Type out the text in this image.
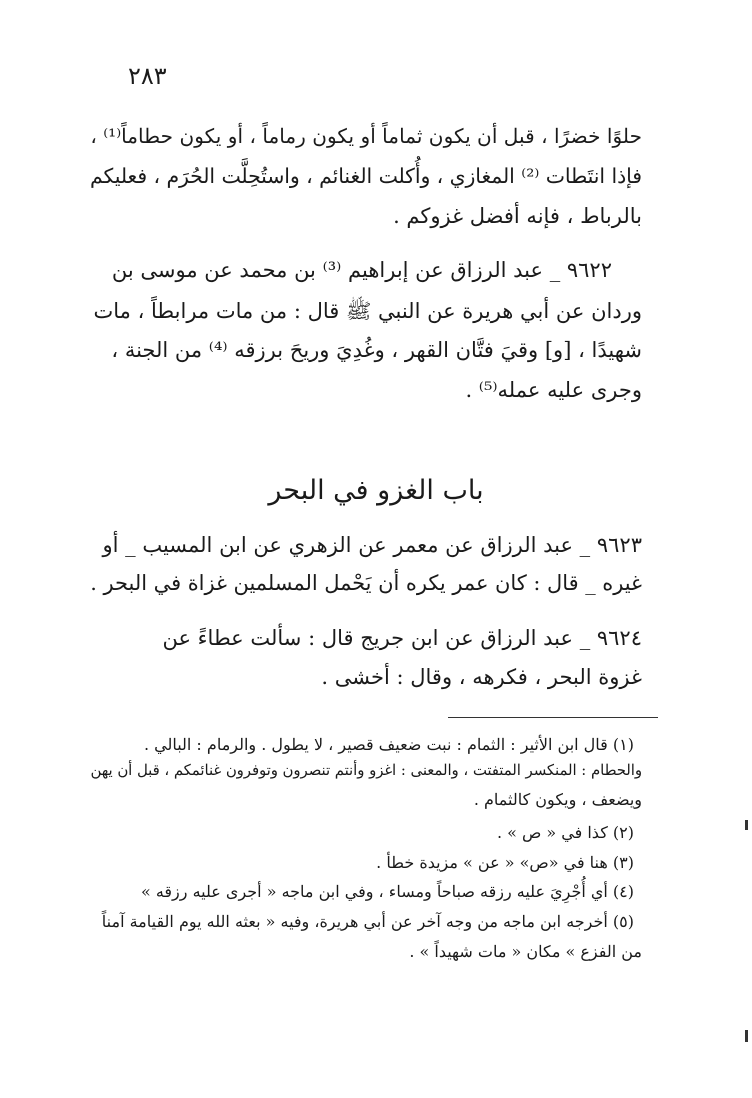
٢٨٣
حلوًا خضرًا ، قبل أن يكون ثماماً أو يكون رماماً ، أو يكون حطاماً⁽¹⁾ ،
فإذا انتَطات ⁽²⁾ المغازي ، وأُكلت الغنائم ، واستُحِلَّت الحُرَم ، فعليكم
بالرباط ، فإنه أفضل غزوكم .
٩٦٢٢ _ عبد الرزاق عن إبراهيم ⁽³⁾ بن محمد عن موسى بن
وردان عن أبي هريرة عن النبي ﷺ قال : من مات مرابطاً ، مات
شهيدًا ، [و] وقيَ فتَّان القهر ، وغُدِيَ وريحَ برزقه ⁽⁴⁾ من الجنة ،
وجرى عليه عمله⁽⁵⁾ .
باب الغزو في البحر
٩٦٢٣ _ عبد الرزاق عن معمر عن الزهري عن ابن المسيب _ أو
غيره _ قال : كان عمر يكره أن يَحْمل المسلمين غزاة في البحر .
٩٦٢٤ _ عبد الرزاق عن ابن جريج قال : سألت عطاءً عن
غزوة البحر ، فكرهه ، وقال : أخشى .
(١) قال ابن الأثير : الثمام : نبت ضعيف قصير ، لا يطول . والرمام : البالي .
والحطام : المنكسر المتفتت ، والمعنى : اغزو وأنتم تنصرون وتوفرون غنائمكم ، قبل أن يهن
ويضعف ، ويكون كالثمام .
(٢) كذا في « ص » .
(٣) هنا في «ص» « عن » مزيدة خطأ .
(٤) أي أُجْرِيَ عليه رزقه صباحاً ومساء ، وفي ابن ماجه « أجرى عليه رزقه »
(٥) أخرجه ابن ماجه من وجه آخر عن أبي هريرة، وفيه « بعثه الله يوم القيامة آمناً
من الفزع » مكان « مات شهيداً » .
